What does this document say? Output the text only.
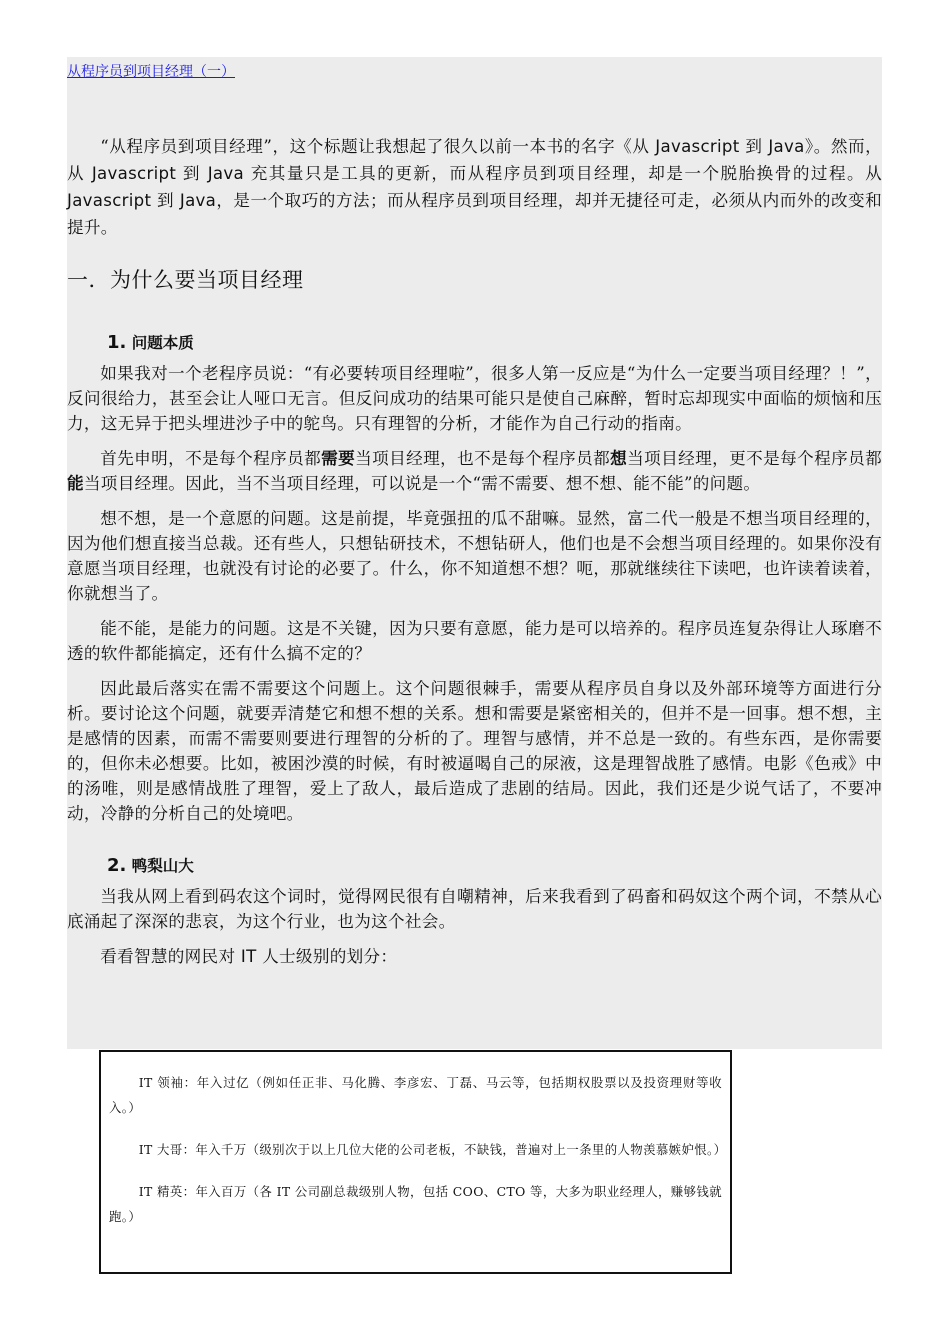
从程序员到项目经理（一）

“从程序员到项目经理”，这个标题让我想起了很久以前一本书的名字《从 Javascript 到 Java》。然而，从 Javascript 到 Java 充其量只是工具的更新，而从程序员到项目经理，却是一个脱胎换骨的过程。从 Javascript 到 Java，是一个取巧的方法；而从程序员到项目经理，却并无捷径可走，必须从内而外的改变和提升。

一．为什么要当项目经理
1. 问题本质

如果我对一个老程序员说：“有必要转项目经理啦”，很多人第一反应是“为什么一定要当项目经理？！”，反问很给力，甚至会让人哑口无言。但反问成功的结果可能只是使自己麻醉，暂时忘却现实中面临的烦恼和压力，这无异于把头埋进沙子中的鸵鸟。只有理智的分析，才能作为自己行动的指南。

首先申明，不是每个程序员都需要当项目经理，也不是每个程序员都想当项目经理，更不是每个程序员都能当项目经理。因此，当不当项目经理，可以说是一个“需不需要、想不想、能不能”的问题。

想不想，是一个意愿的问题。这是前提，毕竟强扭的瓜不甜嘛。显然，富二代一般是不想当项目经理的，因为他们想直接当总裁。还有些人，只想钻研技术，不想钻研人，他们也是不会想当项目经理的。如果你没有意愿当项目经理，也就没有讨论的必要了。什么，你不知道想不想？呃，那就继续往下读吧，也许读着读着，你就想当了。

能不能，是能力的问题。这是不关键，因为只要有意愿，能力是可以培养的。程序员连复杂得让人琢磨不透的软件都能搞定，还有什么搞不定的？

因此最后落实在需不需要这个问题上。这个问题很棘手，需要从程序员自身以及外部环境等方面进行分析。要讨论这个问题，就要弄清楚它和想不想的关系。想和需要是紧密相关的，但并不是一回事。想不想，主是感情的因素，而需不需要则要进行理智的分析的了。理智与感情，并不总是一致的。有些东西，是你需要的，但你未必想要。比如，被困沙漠的时候，有时被逼喝自己的尿液，这是理智战胜了感情。电影《色戒》中的汤唯，则是感情战胜了理智，爱上了敌人，最后造成了悲剧的结局。因此，我们还是少说气话了，不要冲动，冷静的分析自己的处境吧。

2. 鸭梨山大

当我从网上看到码农这个词时，觉得网民很有自嘲精神，后来我看到了码畜和码奴这个两个词，不禁从心底涌起了深深的悲哀，为这个行业，也为这个社会。

看看智慧的网民对 IT 人士级别的划分：

IT 领袖：年入过亿（例如任正非、马化腾、李彦宏、丁磊、马云等，包括期权股票以及投资理财等收入。）

IT 大哥：年入千万（级别次于以上几位大佬的公司老板，不缺钱，普遍对上一条里的人物羡慕嫉妒恨。）

IT 精英：年入百万（各 IT 公司副总裁级别人物，包括 COO、CTO 等，大多为职业经理人，赚够钱就跑。）
